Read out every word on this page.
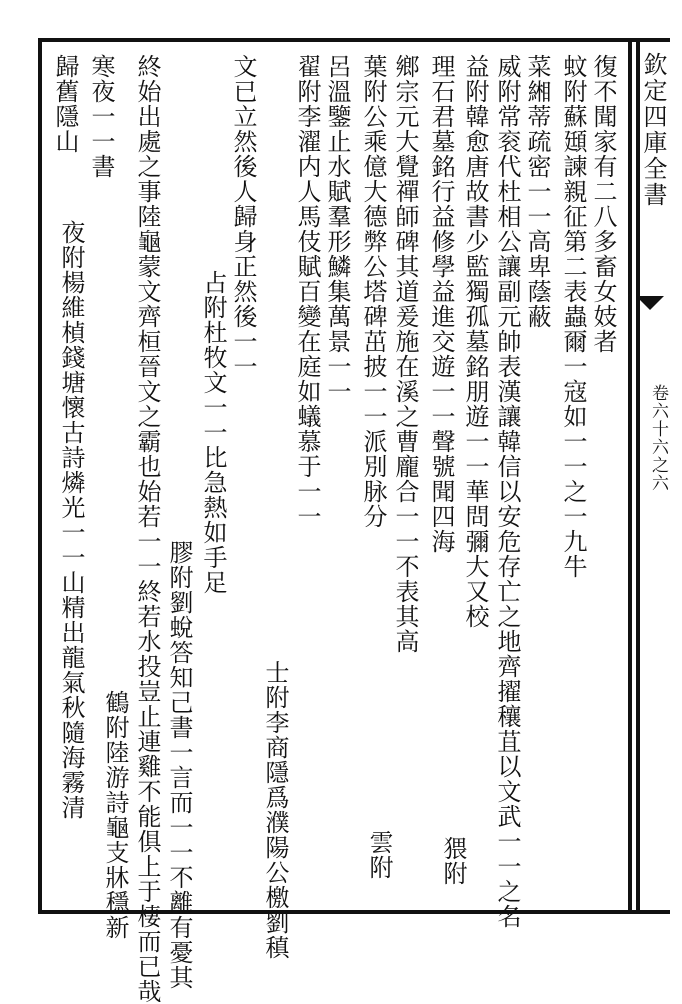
欽定四庫全書
卷六十六之六
復不聞家有二八多畜女妓者
蚊附蘇頲諫親征第二表蟲爾一寇如一一之一九牛
菜緗蒂疏密一一高卑蔭蔽
威附常衮代杜相公讓副元帥表漢讓韓信以安危存亡之地齊擢穰苴以文武一一之名
益附韓愈唐故書少監獨孤墓銘朋遊一一華問彌大又校
理石君墓銘行益修學益進交遊一一聲號聞四海
鄉宗元大覺禪師碑其道爰施在溪之曹龐合一一不表其高
葉附公乘億大德弊公塔碑茁披一一派別脉分
猥附
呂溫鑒止水賦羣形鱗集萬景一一
翟附李濯内人馬伎賦百變在庭如蟻慕于一一
士附李商隱爲濮陽公檄劉稹	雲附
文已立然後人歸身正然後一一
占附杜牧文一一比急熱如手足
膠附劉蛻答知己書一言而一一不離有憂其
終始出處之事陸龜蒙文齊桓晉文之霸也始若一一終若水投豈止連雞不能俱上于棲而已哉
鶴附陸游詩龜支牀穩新
寒夜一一書
夜附楊維楨錢塘懷古詩燐光一一山精出龍氣秋隨海霧清
歸舊隱山
